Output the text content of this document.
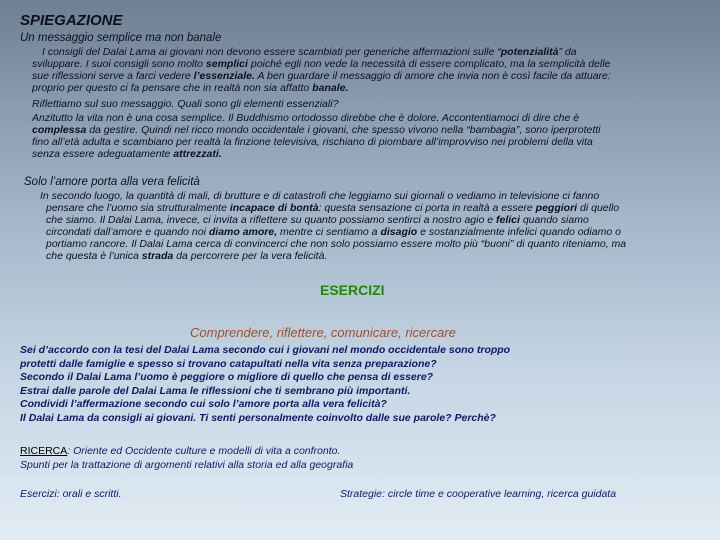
SPIEGAZIONE
Un messaggio semplice ma non banale
I consigli del Dalai Lama ai giovani non devono essere scambiati per generiche affermazioni sulle “potenzialità” da
sviluppare. I suoi consigli sono molto semplici poiché egli non vede la necessità di essere complicato, ma la semplicità delle
sue riflessioni serve a farci vedere l’essenziale. A ben guardare il messaggio di amore che invia non è così facile da attuare:
proprio per questo ci fa pensare che in realtà non sia affatto banale.
Riflettiamo sul suo messaggio. Quali sono gli elementi essenziali?
Anzitutto la vita non è una cosa semplice. Il Buddhismo ortodosso direbbe che è dolore. Accontentiamoci di dire che è
complessa da gestire. Quindi nel ricco mondo occidentale i giovani, che spesso vivono nella “bambagia”, sono iperprotetti
fino all’età adulta e scambiano per realtà la finzione televisiva, rischiano di piombare all’improvviso nei problemi della vita
senza essere adeguatamente attrezzati.
Solo l’amore porta alla vera felicità
In secondo luogo, la quantità di mali, di brutture e di catastrofi che leggiamo sui giornali o vediamo in televisione ci fanno
pensare che l’uomo sia strutturalmente incapace di bontà: questa sensazione ci porta in realtà a essere peggiori di quello
che siamo. Il Dalai Lama, invece, ci invita a riflettere su quanto possiamo sentirci a nostro agio e felici quando siamo
circondati dall’amore e quando noi diamo amore, mentre ci sentiamo a disagio e sostanzialmente infelici quando odiamo o
portiamo rancore. Il Dalai Lama cerca di convincerci che non solo possiamo essere molto più “buoni” di quanto riteniamo, ma
che questa è l’unica strada da percorrere per la vera felicità.
ESERCIZI
Comprendere, riflettere, comunicare, ricercare
Sei d’accordo con la tesi del Dalai Lama secondo cui i giovani nel mondo occidentale sono troppo
protetti dalle famiglie e spesso si trovano catapultati nella vita senza preparazione?
Secondo il Dalai Lama l’uomo è peggiore o migliore di quello che pensa di essere?
Estrai dalle parole del Dalai Lama le riflessioni che ti sembrano più importanti.
Condividi l’affermazione secondo cui solo l’amore porta alla vera felicità?
Il Dalai Lama da consigli ai giovani. Ti senti personalmente coinvolto dalle sue parole? Perchè?
RICERCA: Oriente ed Occidente culture e modelli di vita a confronto.
Spunti per la trattazione di argomenti relativi alla storia ed alla geografia
Esercizi: orali e scritti.	Strategie: circle time e cooperative learning, ricerca guidata
